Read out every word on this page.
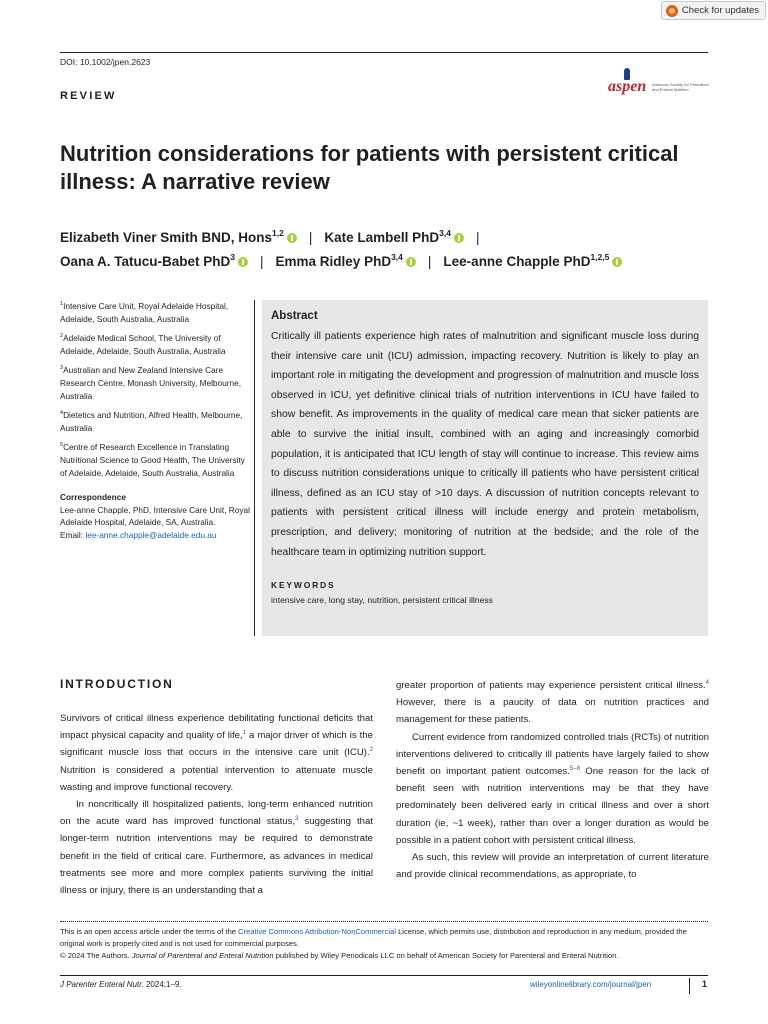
Check for updates
DOI: 10.1002/jpen.2623
REVIEW
aspen American Society for Parenteral and Enteral Nutrition
Nutrition considerations for patients with persistent critical illness: A narrative review
Elizabeth Viner Smith BND, Hons$^{1,2}$ | Kate Lambell PhD$^{3,4}$ |
Oana A. Tatucu-Babet PhD$^3$ | Emma Ridley PhD$^{3,4}$ | Lee-anne Chapple PhD$^{1,2,5}$

$^1$Intensive Care Unit, Royal Adelaide Hospital, Adelaide, South Australia, Australia

$^2$Adelaide Medical School, The University of Adelaide, Adelaide, South Australia, Australia

$^3$Australian and New Zealand Intensive Care Research Centre, Monash University, Melbourne, Australia

$^4$Dietetics and Nutrition, Alfred Health, Melbourne, Australia

$^5$Centre of Research Excellence in Translating Nutritional Science to Good Health, The University of Adelaide, Adelaide, South Australia, Australia

Correspondence
Lee-anne Chapple, PhD, Intensive Care Unit, Royal Adelaide Hospital, Adelaide, SA, Australia.
Email: lee-anne.chapple@adelaide.edu.au
Abstract
Critically ill patients experience high rates of malnutrition and significant muscle loss during their intensive care unit (ICU) admission, impacting recovery. Nutrition is likely to play an important role in mitigating the development and progression of malnutrition and muscle loss observed in ICU, yet definitive clinical trials of nutrition interventions in ICU have failed to show benefit. As improvements in the quality of medical care mean that sicker patients are able to survive the initial insult, combined with an aging and increasingly comorbid population, it is anticipated that ICU length of stay will continue to increase. This review aims to discuss nutrition considerations unique to critically ill patients who have persistent critical illness, defined as an ICU stay of >10 days. A discussion of nutrition concepts relevant to patients with persistent critical illness will include energy and protein metabolism, prescription, and delivery; monitoring of nutrition at the bedside; and the role of the healthcare team in optimizing nutrition support.
KEYWORDS
intensive care, long stay, nutrition, persistent critical illness
INTRODUCTION

Survivors of critical illness experience debilitating functional deficits that impact physical capacity and quality of life,$^1$ a major driver of which is the significant muscle loss that occurs in the intensive care unit (ICU).$^2$ Nutrition is considered a potential intervention to attenuate muscle wasting and improve functional recovery.

In noncritically ill hospitalized patients, long-term enhanced nutrition on the acute ward has improved functional status,$^3$ suggesting that longer-term nutrition interventions may be required to demonstrate benefit in the field of critical care. Furthermore, as advances in medical treatments see more and more complex patients surviving the initial illness or injury, there is an understanding that a

greater proportion of patients may experience persistent critical illness.$^4$ However, there is a paucity of data on nutrition practices and management for these patients.

Current evidence from randomized controlled trials (RCTs) of nutrition interventions delivered to critically ill patients have largely failed to show benefit on important patient outcomes.$^{5-8}$ One reason for the lack of benefit seen with nutrition interventions may be that they have predominately been delivered early in critical illness and over a short duration (ie, ~1 week), rather than over a longer duration as would be possible in a patient cohort with persistent critical illness.

As such, this review will provide an interpretation of current literature and provide clinical recommendations, as appropriate, to

This is an open access article under the terms of the Creative Commons Attribution-NonCommercial License, which permits use, distribution and reproduction in any medium, provided the original work is properly cited and is not used for commercial purposes.
© 2024 The Authors. Journal of Parenteral and Enteral Nutrition published by Wiley Periodicals LLC on behalf of American Society for Parenteral and Enteral Nutrition.
J Parenter Enteral Nutr. 2024;1–9.	wileyonlinelibrary.com/journal/jpen	1
